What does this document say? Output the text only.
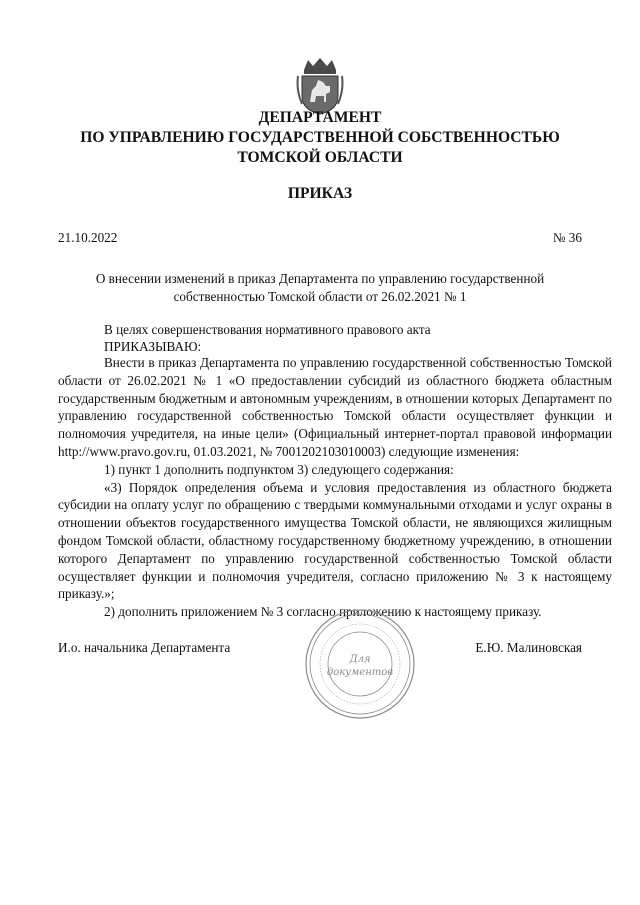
ДЕПАРТАМЕНТ
ПО УПРАВЛЕНИЮ ГОСУДАРСТВЕННОЙ СОБСТВЕННОСТЬЮ
ТОМСКОЙ ОБЛАСТИ
ПРИКАЗ
21.10.2022	№ 36
О внесении изменений в приказ Департамента по управлению государственной
собственностью Томской области от 26.02.2021 № 1
В целях совершенствования нормативного правового акта
ПРИКАЗЫВАЮ:

Внести в приказ Департамента по управлению государственной собственностью Томской области от 26.02.2021 № 1 «О предоставлении субсидий из областного бюджета областным государственным бюджетным и автономным учреждениям, в отношении которых Департамент по управлению государственной собственностью Томской области осуществляет функции и полномочия учредителя, на иные цели» (Официальный интернет-портал правовой информации http://www.pravo.gov.ru, 01.03.2021, № 7001202103010003) следующие изменения:

1) пункт 1 дополнить подпунктом 3) следующего содержания:

«3) Порядок определения объема и условия предоставления из областного бюджета субсидии на оплату услуг по обращению с твердыми коммунальными отходами и услуг охраны в отношении объектов государственного имущества Томской области, не являющихся жилищным фондом Томской области, областному государственному бюджетному учреждению, в отношении которого Департамент по управлению государственной собственностью Томской области осуществляет функции и полномочия учредителя, согласно приложению № 3 к настоящему приказу.»;

2) дополнить приложением № 3 согласно приложению к настоящему приказу.

Для
документов
И.о. начальника Департамента	Е.Ю. Малиновская
